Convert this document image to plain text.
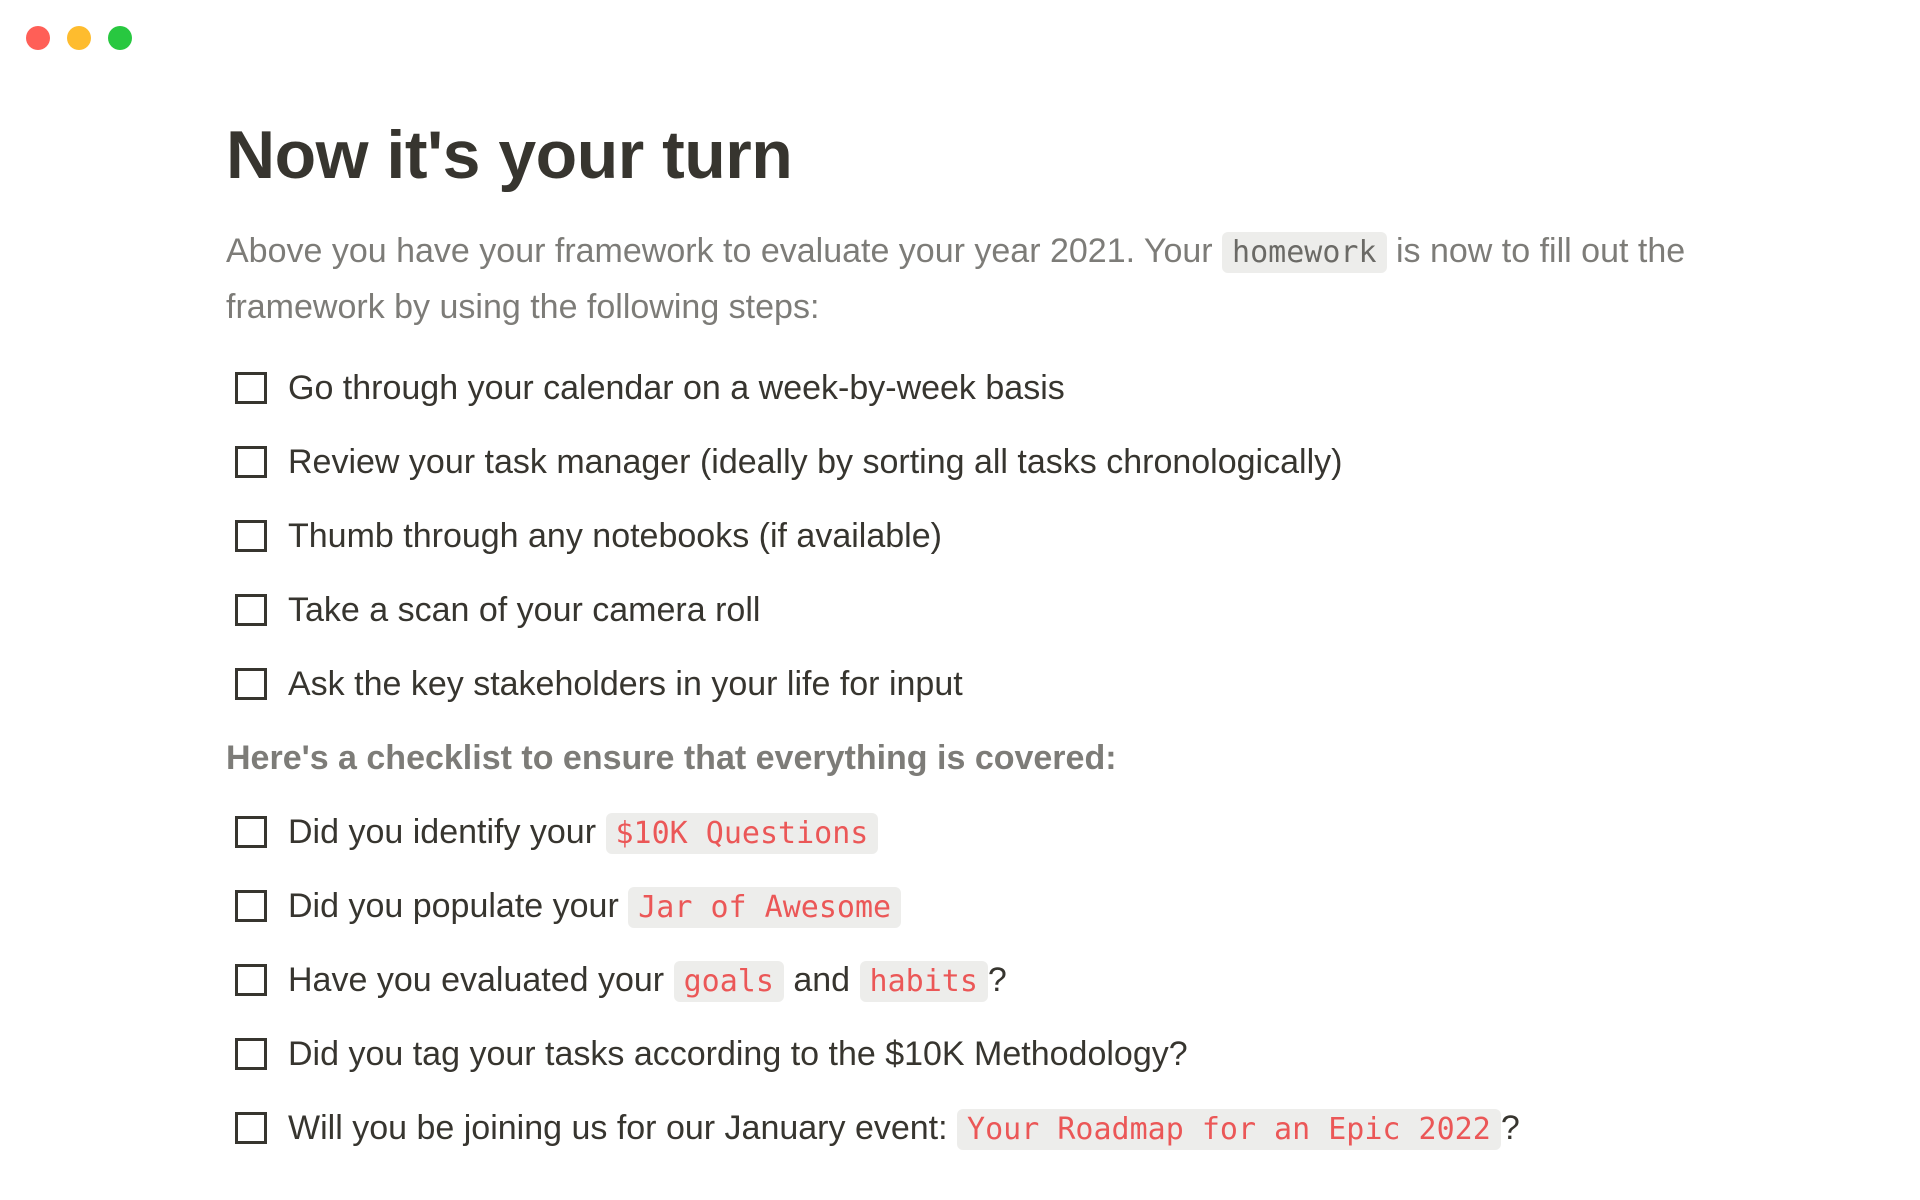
Now it's your turn

Above you have your framework to evaluate your year 2021. Your homework is now to fill out the framework by using the following steps:

Go through your calendar on a week-by-week basis
Review your task manager (ideally by sorting all tasks chronologically)
Thumb through any notebooks (if available)
Take a scan of your camera roll
Ask the key stakeholders in your life for input
Here's a checklist to ensure that everything is covered:
Did you identify your $10K Questions
Did you populate your Jar of Awesome
Have you evaluated your goals and habits ?
Did you tag your tasks according to the $10K Methodology?
Will you be joining us for our January event: Your Roadmap for an Epic 2022 ?
